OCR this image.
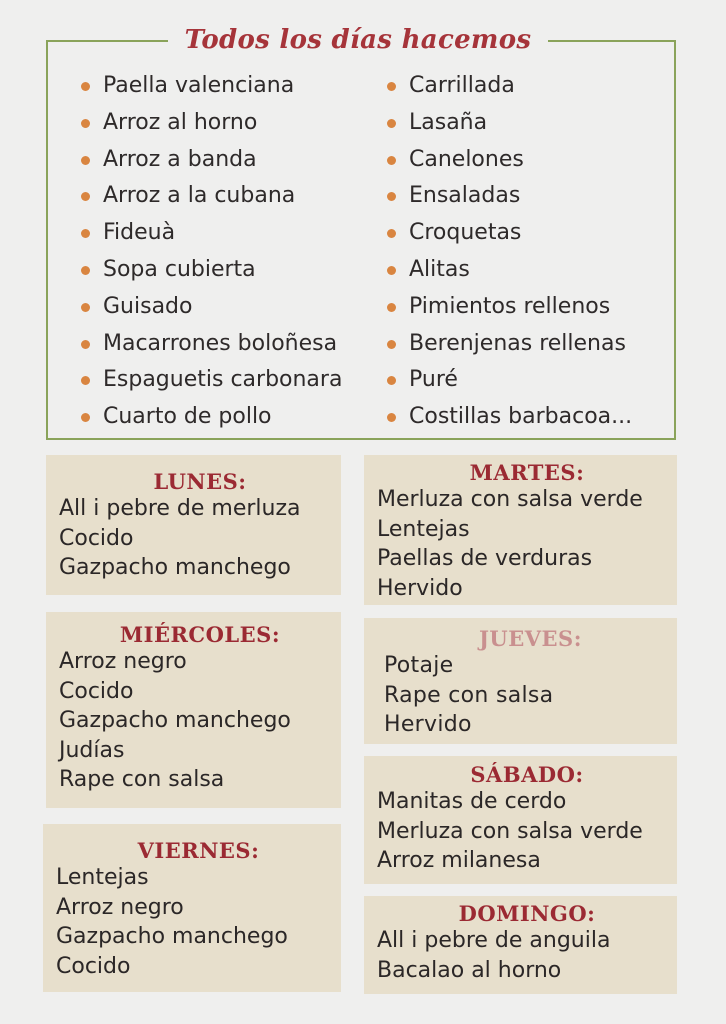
Todos los días hacemos
Paella valenciana
Arroz al horno
Arroz a banda
Arroz a la cubana
Fideuà
Sopa cubierta
Guisado
Macarrones boloñesa
Espaguetis carbonara
Cuarto de pollo
Carrillada
Lasaña
Canelones
Ensaladas
Croquetas
Alitas
Pimientos rellenos
Berenjenas rellenas
Puré
Costillas barbacoa...
LUNES:
All i pebre de merluza
Cocido
Gazpacho manchego
MARTES:
Merluza con salsa verde
Lentejas
Paellas de verduras
Hervido
MIÉRCOLES:
Arroz negro
Cocido
Gazpacho manchego
Judías
Rape con salsa
JUEVES:
Potaje
Rape con salsa
Hervido
VIERNES:
Lentejas
Arroz negro
Gazpacho manchego
Cocido
SÁBADO:
Manitas de cerdo
Merluza con salsa verde
Arroz milanesa
DOMINGO:
All i pebre de anguila
Bacalao al horno
